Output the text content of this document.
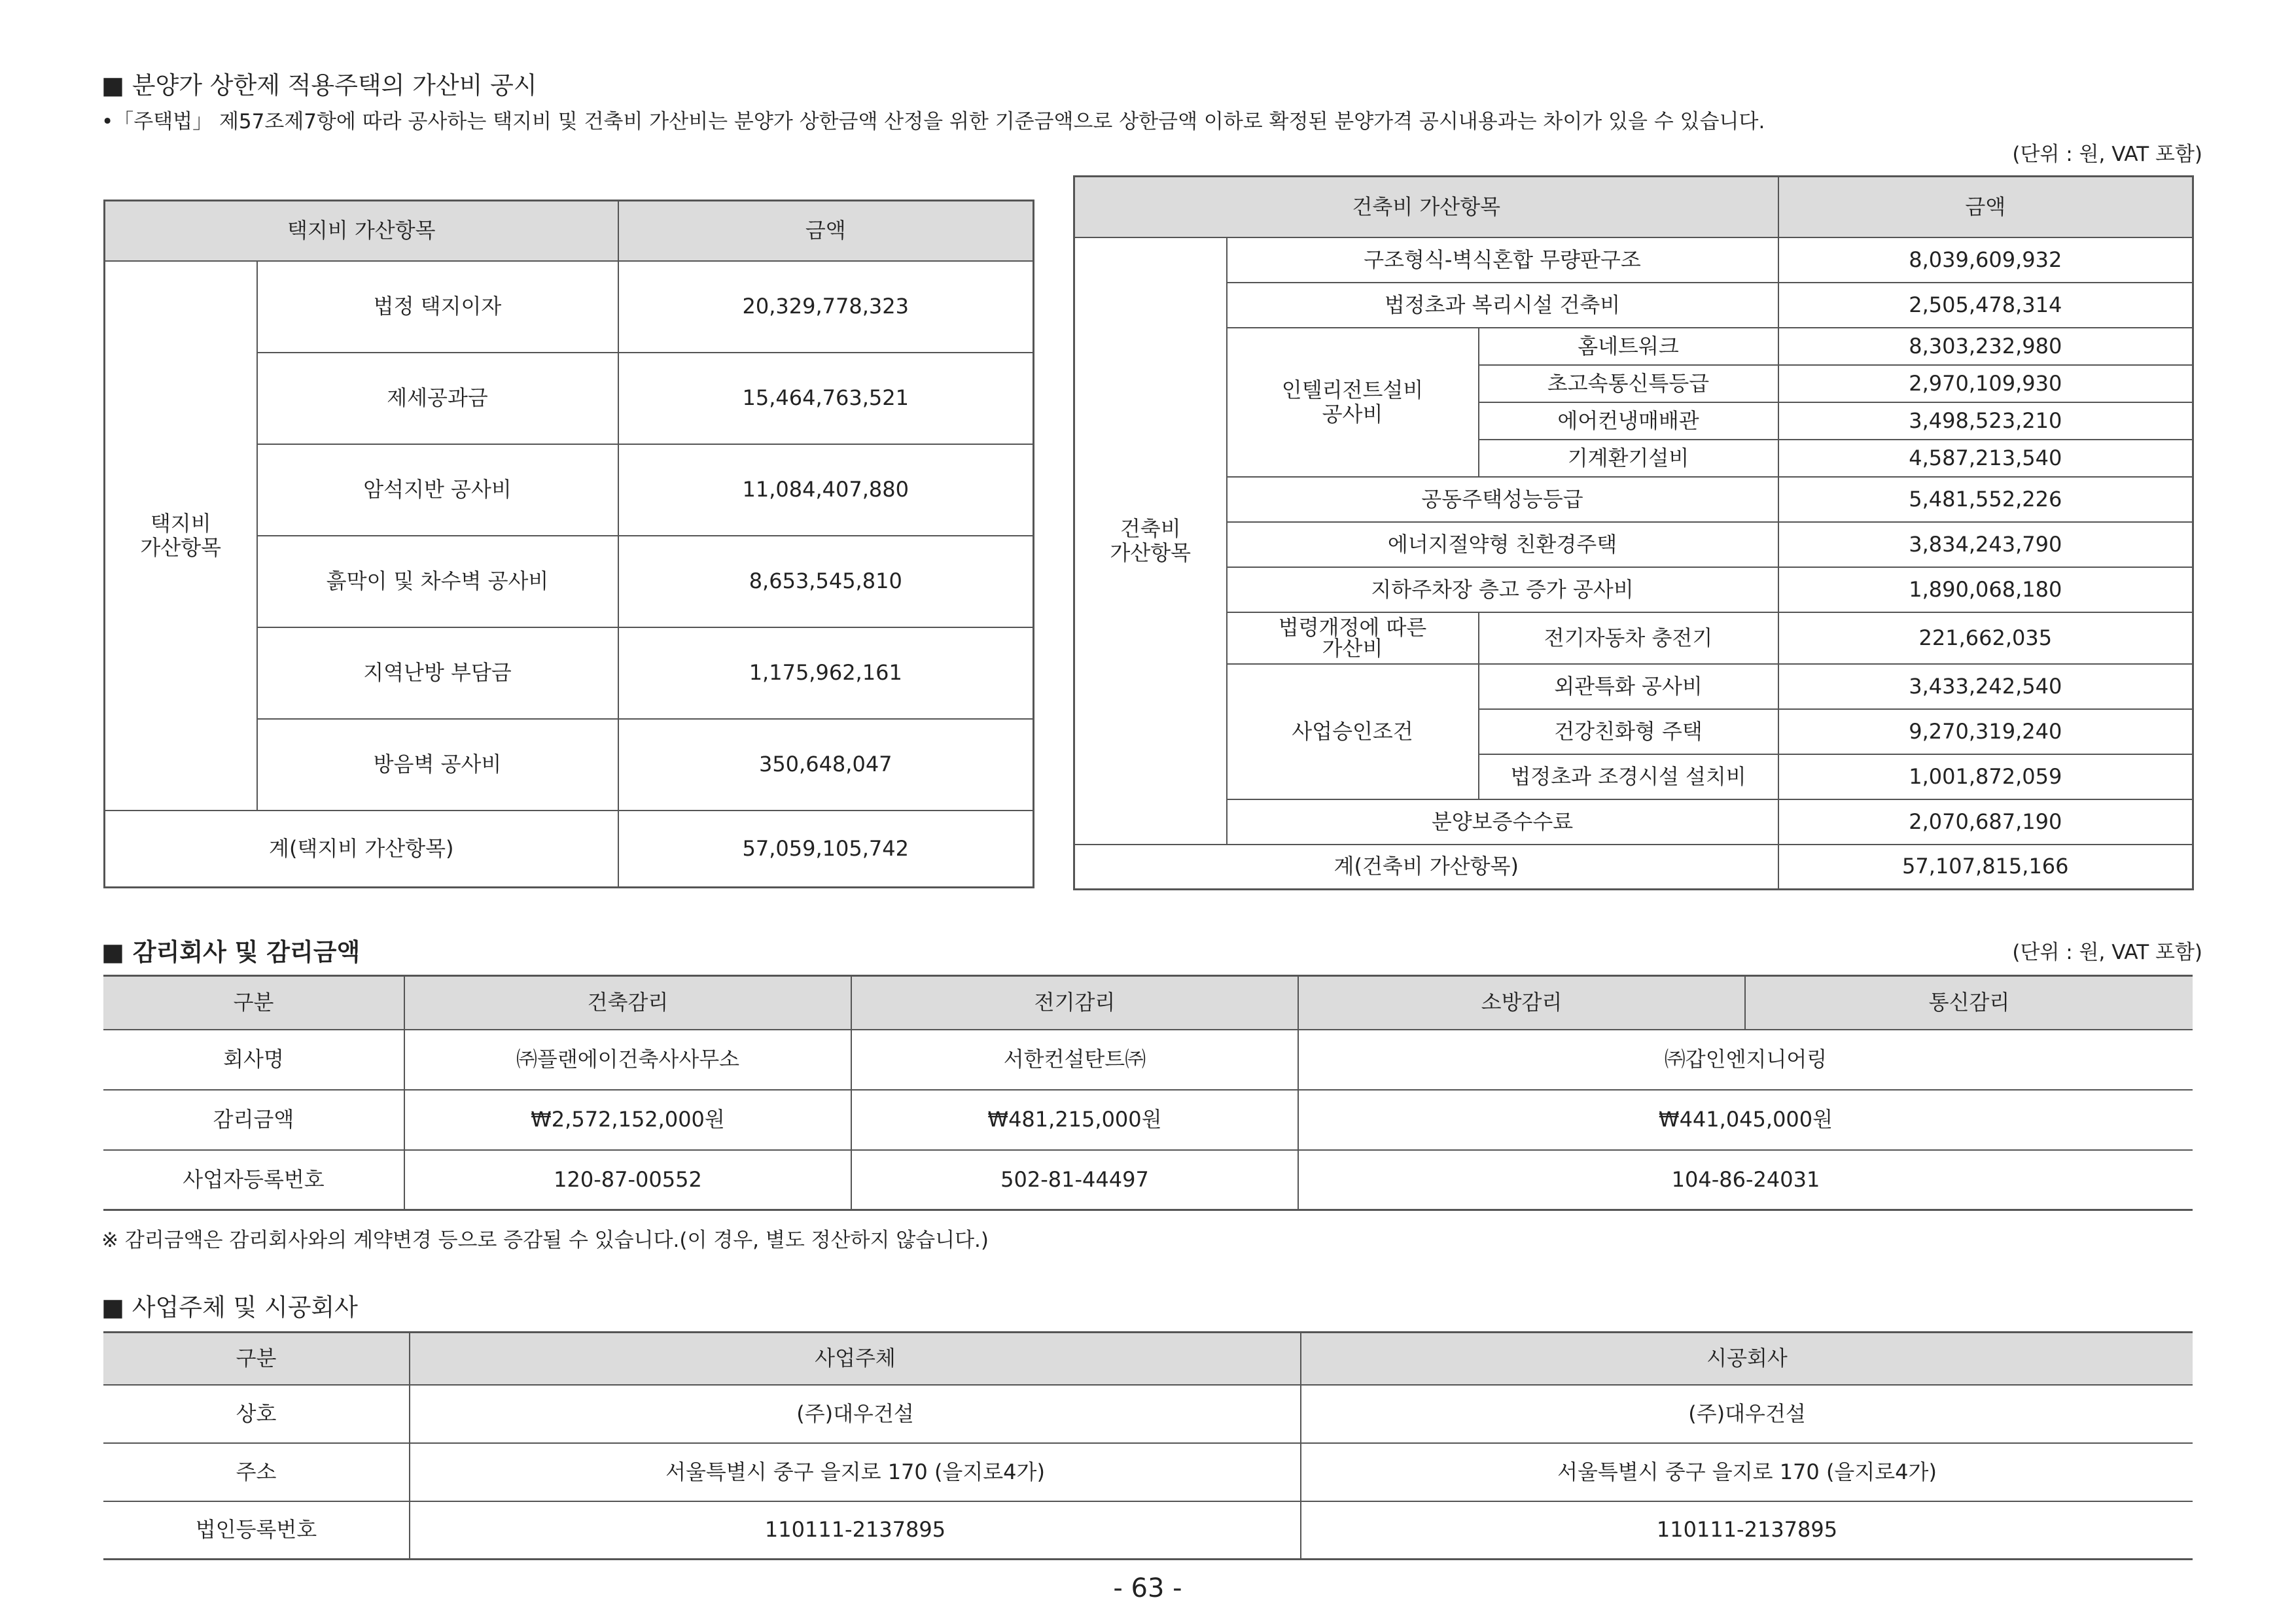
■ 분양가 상한제 적용주택의 가산비 공시
•「주택법」 제57조제7항에 따라 공사하는 택지비 및 건축비 가산비는 분양가 상한금액 산정을 위한 기준금액으로 상한금액 이하로 확정된 분양가격 공시내용과는 차이가 있을 수 있습니다.
(단위 : 원, VAT 포함)
택지비 가산항목		금액
택지비
가산항목	법정 택지이자	20,329,778,323
	제세공과금	15,464,763,521
	암석지반 공사비	11,084,407,880
	흙막이 및 차수벽 공사비	8,653,545,810
	지역난방 부담금	1,175,962,161
	방음벽 공사비	350,648,047
계(택지비 가산항목)		57,059,105,742
건축비 가산항목			금액
건축비
가산항목	구조형식-벽식혼합 무량판구조		8,039,609,932
	법정초과 복리시설 건축비		2,505,478,314
	인텔리전트설비
공사비	홈네트워크	8,303,232,980
		초고속통신특등급	2,970,109,930
		에어컨냉매배관	3,498,523,210
		기계환기설비	4,587,213,540
	공동주택성능등급		5,481,552,226
	에너지절약형 친환경주택		3,834,243,790
	지하주차장 층고 증가 공사비		1,890,068,180
	법령개정에 따른
가산비	전기자동차 충전기	221,662,035
	사업승인조건	외관특화 공사비	3,433,242,540
		건강친화형 주택	9,270,319,240
		법정초과 조경시설 설치비	1,001,872,059
	분양보증수수료		2,070,687,190
계(건축비 가산항목)			57,107,815,166
■ 감리회사 및 감리금액	(단위 : 원, VAT 포함)
구분	건축감리	전기감리	소방감리	통신감리
회사명	㈜플랜에이건축사사무소	서한컨설탄트㈜	㈜갑인엔지니어링	
감리금액	₩2,572,152,000원	₩481,215,000원	₩441,045,000원	
사업자등록번호	120-87-00552	502-81-44497	104-86-24031	
※ 감리금액은 감리회사와의 계약변경 등으로 증감될 수 있습니다.(이 경우, 별도 정산하지 않습니다.)
■ 사업주체 및 시공회사
구분	사업주체	시공회사
상호	(주)대우건설	(주)대우건설
주소	서울특별시 중구 을지로 170 (을지로4가)	서울특별시 중구 을지로 170 (을지로4가)
법인등록번호	110111-2137895	110111-2137895
- 63 -
